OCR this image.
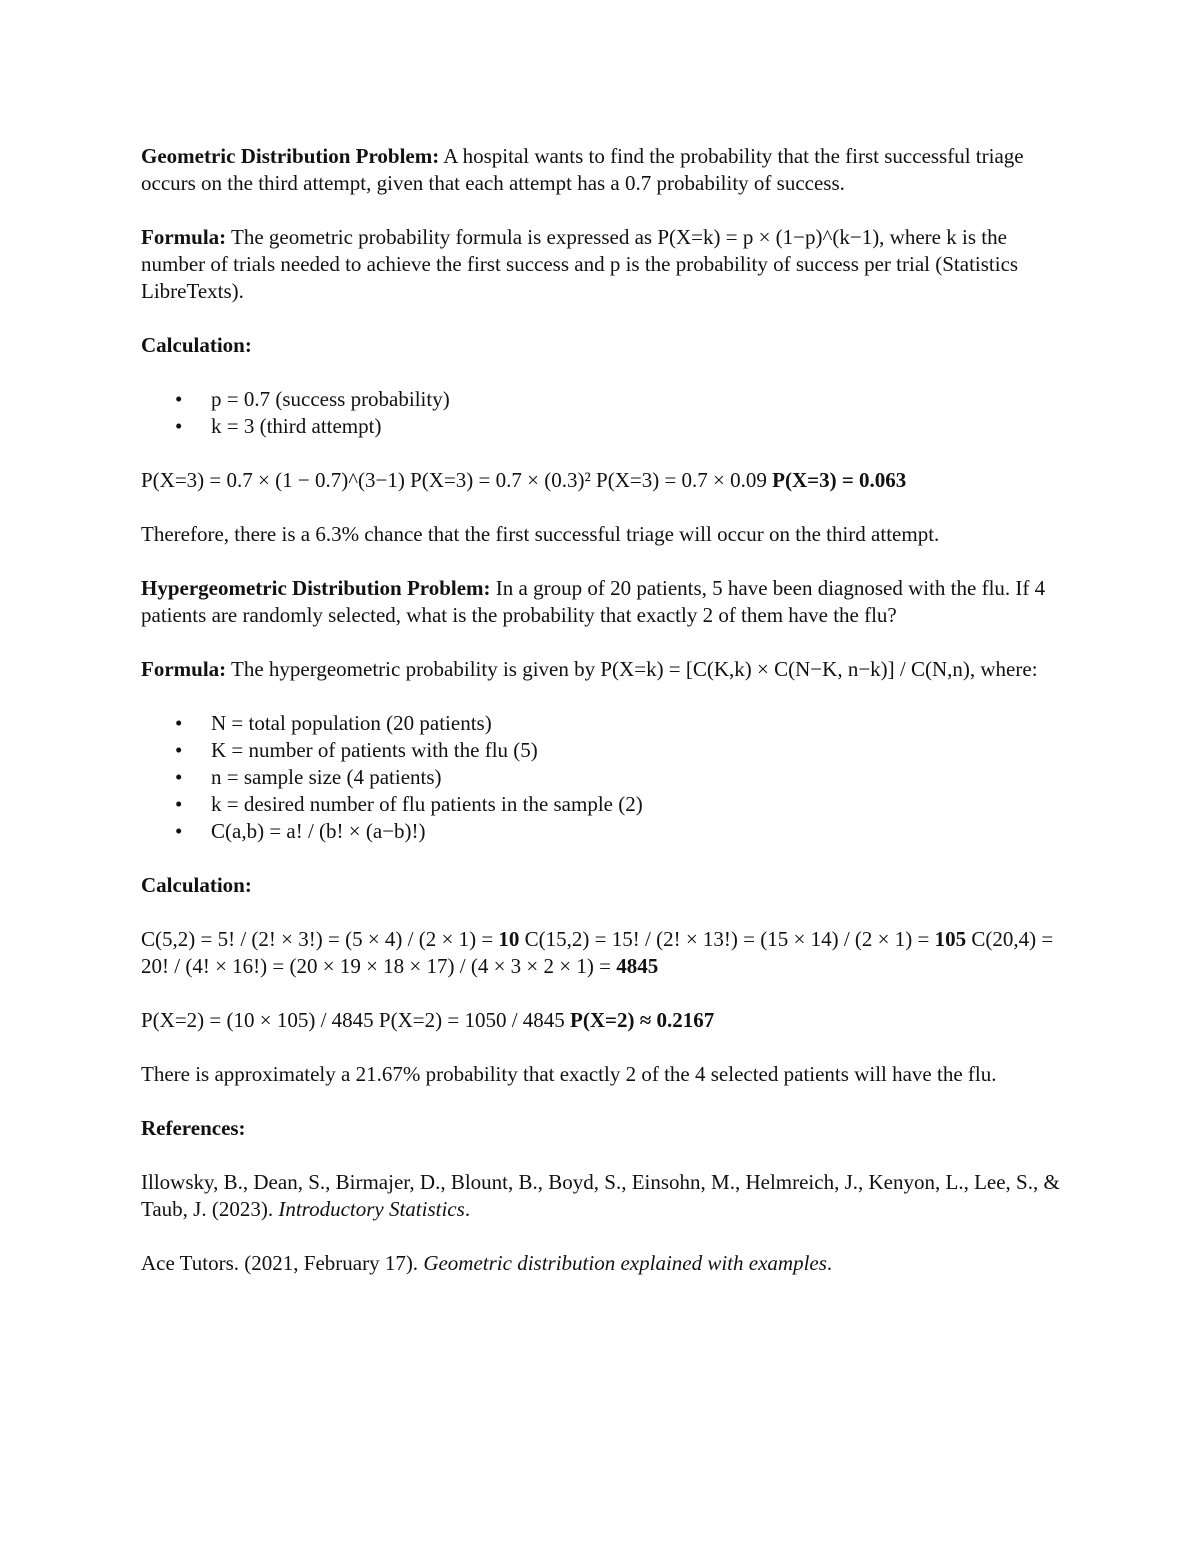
Geometric Distribution Problem: A hospital wants to find the probability that the first successful triage occurs on the third attempt, given that each attempt has a 0.7 probability of success.

Formula: The geometric probability formula is expressed as P(X=k) = p × (1−p)^(k−1), where k is the number of trials needed to achieve the first success and p is the probability of success per trial (Statistics LibreTexts).

Calculation:

• p = 0.7 (success probability)
• k = 3 (third attempt)

P(X=3) = 0.7 × (1 − 0.7)^(3−1) P(X=3) = 0.7 × (0.3)² P(X=3) = 0.7 × 0.09 P(X=3) = 0.063

Therefore, there is a 6.3% chance that the first successful triage will occur on the third attempt.

Hypergeometric Distribution Problem: In a group of 20 patients, 5 have been diagnosed with the flu. If 4 patients are randomly selected, what is the probability that exactly 2 of them have the flu?

Formula: The hypergeometric probability is given by P(X=k) = [C(K,k) × C(N−K, n−k)] / C(N,n), where:

• N = total population (20 patients)
• K = number of patients with the flu (5)
• n = sample size (4 patients)
• k = desired number of flu patients in the sample (2)
• C(a,b) = a! / (b! × (a−b)!)

Calculation:

C(5,2) = 5! / (2! × 3!) = (5 × 4) / (2 × 1) = 10 C(15,2) = 15! / (2! × 13!) = (15 × 14) / (2 × 1) = 105 C(20,4) = 20! / (4! × 16!) = (20 × 19 × 18 × 17) / (4 × 3 × 2 × 1) = 4845

P(X=2) = (10 × 105) / 4845 P(X=2) = 1050 / 4845 P(X=2) ≈ 0.2167

There is approximately a 21.67% probability that exactly 2 of the 4 selected patients will have the flu.

References:

Illowsky, B., Dean, S., Birmajer, D., Blount, B., Boyd, S., Einsohn, M., Helmreich, J., Kenyon, L., Lee, S., & Taub, J. (2023). Introductory Statistics.

Ace Tutors. (2021, February 17). Geometric distribution explained with examples.
